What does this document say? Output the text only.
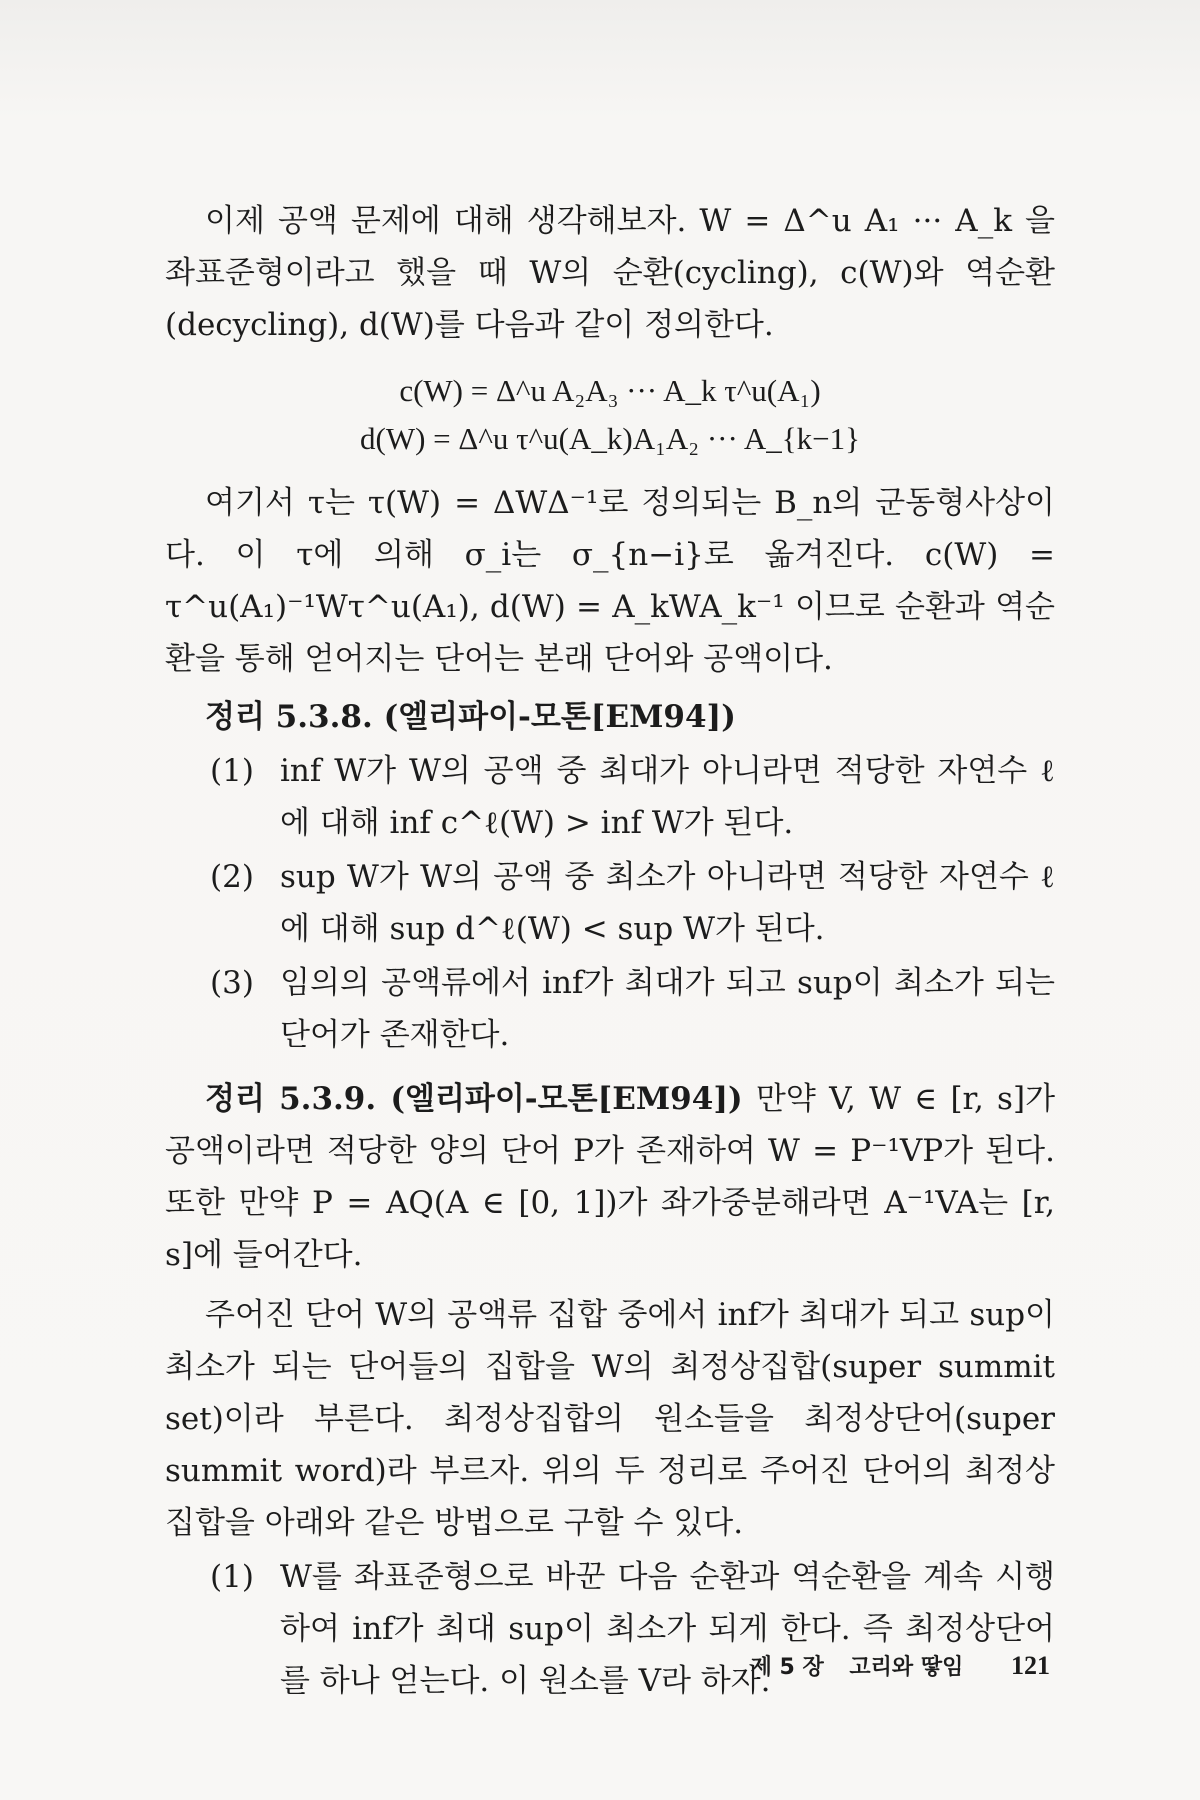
이제 공액 문제에 대해 생각해보자. W = Δ^u A₁ ··· A_k 을 좌표준형이라고 했을 때 W의 순환(cycling), c(W)와 역순환(decycling), d(W)를 다음과 같이 정의한다.

c(W) = Δ^u A₂A₃ ··· A_k τ^u(A₁)
d(W) = Δ^u τ^u(A_k)A₁A₂ ··· A_{k−1}

여기서 τ는 τ(W) = ΔWΔ⁻¹로 정의되는 B_n의 군동형사상이다. 이 τ에 의해 σ_i는 σ_{n−i}로 옮겨진다. c(W) = τ^u(A₁)⁻¹Wτ^u(A₁), d(W) = A_kWA_k⁻¹ 이므로 순환과 역순환을 통해 얻어지는 단어는 본래 단어와 공액이다.

정리 5.3.8. (엘리파이-모톤[EM94])
(1) inf W가 W의 공액 중 최대가 아니라면 적당한 자연수 ℓ에 대해 inf c^ℓ(W) > inf W가 된다.
(2) sup W가 W의 공액 중 최소가 아니라면 적당한 자연수 ℓ에 대해 sup d^ℓ(W) < sup W가 된다.
(3) 임의의 공액류에서 inf가 최대가 되고 sup이 최소가 되는 단어가 존재한다.

정리 5.3.9. (엘리파이-모톤[EM94]) 만약 V, W ∈ [r, s]가 공액이라면 적당한 양의 단어 P가 존재하여 W = P⁻¹VP가 된다. 또한 만약 P = AQ(A ∈ [0, 1])가 좌가중분해라면 A⁻¹VA는 [r, s]에 들어간다.

주어진 단어 W의 공액류 집합 중에서 inf가 최대가 되고 sup이 최소가 되는 단어들의 집합을 W의 최정상집합(super summit set)이라 부른다. 최정상집합의 원소들을 최정상단어(super summit word)라 부르자. 위의 두 정리로 주어진 단어의 최정상집합을 아래와 같은 방법으로 구할 수 있다.

(1) W를 좌표준형으로 바꾼 다음 순환과 역순환을 계속 시행하여 inf가 최대 sup이 최소가 되게 한다. 즉 최정상단어를 하나 얻는다. 이 원소를 V라 하자.
제 5 장 고리와 땋임 121
